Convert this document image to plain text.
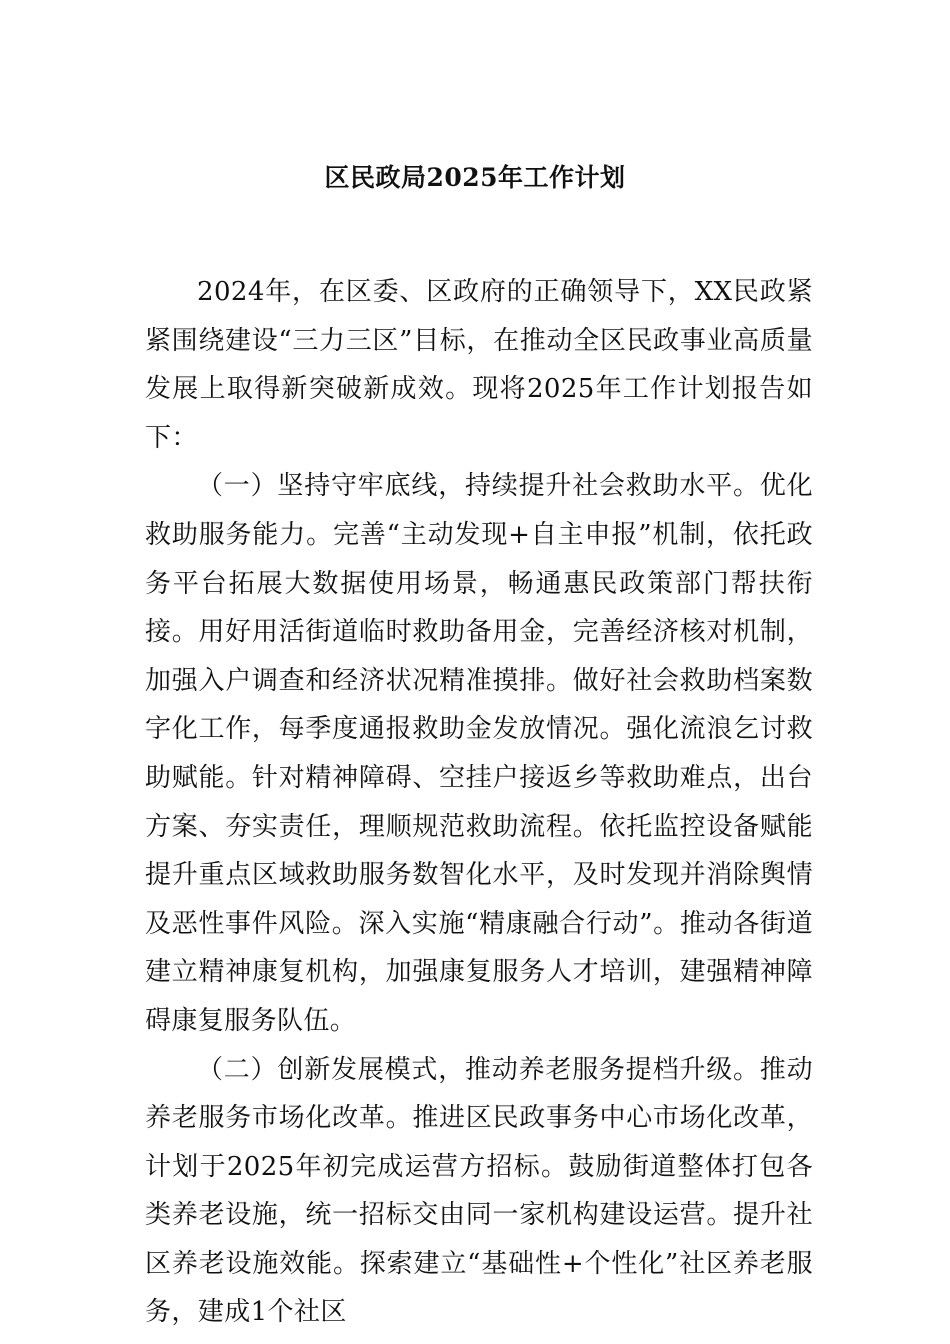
区民政局2025年工作计划

2024年，在区委、区政府的正确领导下，XX民政紧紧围绕建设“三力三区”目标，在推动全区民政事业高质量发展上取得新突破新成效。现将2025年工作计划报告如下：

（一）坚持守牢底线，持续提升社会救助水平。优化救助服务能力。完善“主动发现+自主申报”机制，依托政务平台拓展大数据使用场景，畅通惠民政策部门帮扶衔接。用好用活街道临时救助备用金，完善经济核对机制，加强入户调查和经济状况精准摸排。做好社会救助档案数字化工作，每季度通报救助金发放情况。强化流浪乞讨救助赋能。针对精神障碍、空挂户接返乡等救助难点，出台方案、夯实责任，理顺规范救助流程。依托监控设备赋能提升重点区域救助服务数智化水平，及时发现并消除舆情及恶性事件风险。深入实施“精康融合行动”。推动各街道建立精神康复机构，加强康复服务人才培训，建强精神障碍康复服务队伍。

（二）创新发展模式，推动养老服务提档升级。推动养老服务市场化改革。推进区民政事务中心市场化改革，计划于2025年初完成运营方招标。鼓励街道整体打包各类养老设施，统一招标交由同一家机构建设运营。提升社区养老设施效能。探索建立“基础性+个性化”社区养老服务，建成1个社区
